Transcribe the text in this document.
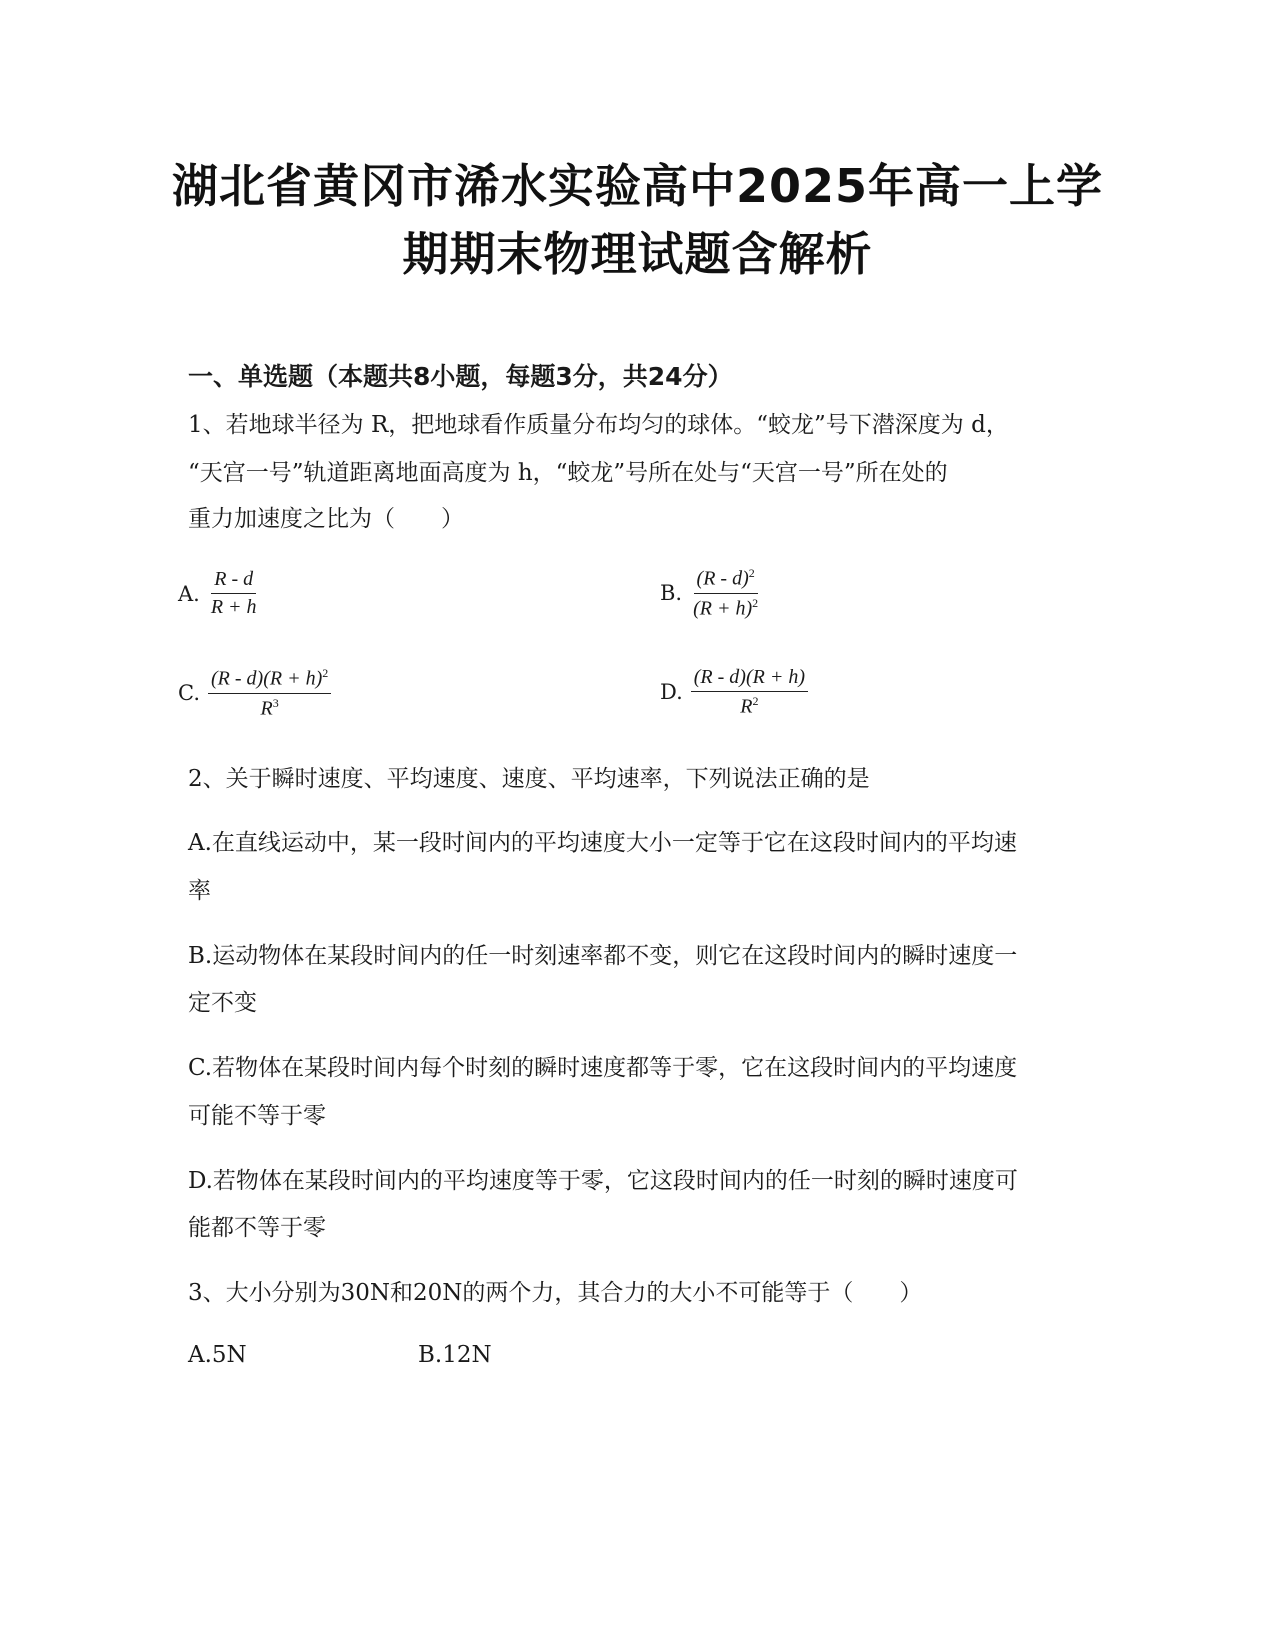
湖北省黄冈市浠水实验高中2025年高一上学
期期末物理试题含解析
一、单选题（本题共8小题，每题3分，共24分）
1、若地球半径为 R，把地球看作质量分布均匀的球体。“蛟龙”号下潜深度为 d，
“天宫一号”轨道距离地面高度为 h，“蛟龙”号所在处与“天宫一号”所在处的
重力加速度之比为（　　）
A. $\frac{R - d}{R + h}$	B. $\frac{(R - d)^2}{(R + h)^2}$
C. $\frac{(R - d)(R + h)^2}{R^3}$	D. $\frac{(R - d)(R + h)}{R^2}$
2、关于瞬时速度、平均速度、速度、平均速率，下列说法正确的是
A.在直线运动中，某一段时间内的平均速度大小一定等于它在这段时间内的平均速
率
B.运动物体在某段时间内的任一时刻速率都不变，则它在这段时间内的瞬时速度一
定不变
C.若物体在某段时间内每个时刻的瞬时速度都等于零，它在这段时间内的平均速度
可能不等于零
D.若物体在某段时间内的平均速度等于零，它这段时间内的任一时刻的瞬时速度可
能都不等于零
3、大小分别为30N和20N的两个力，其合力的大小不可能等于（　　）
A.5N	B.12N
